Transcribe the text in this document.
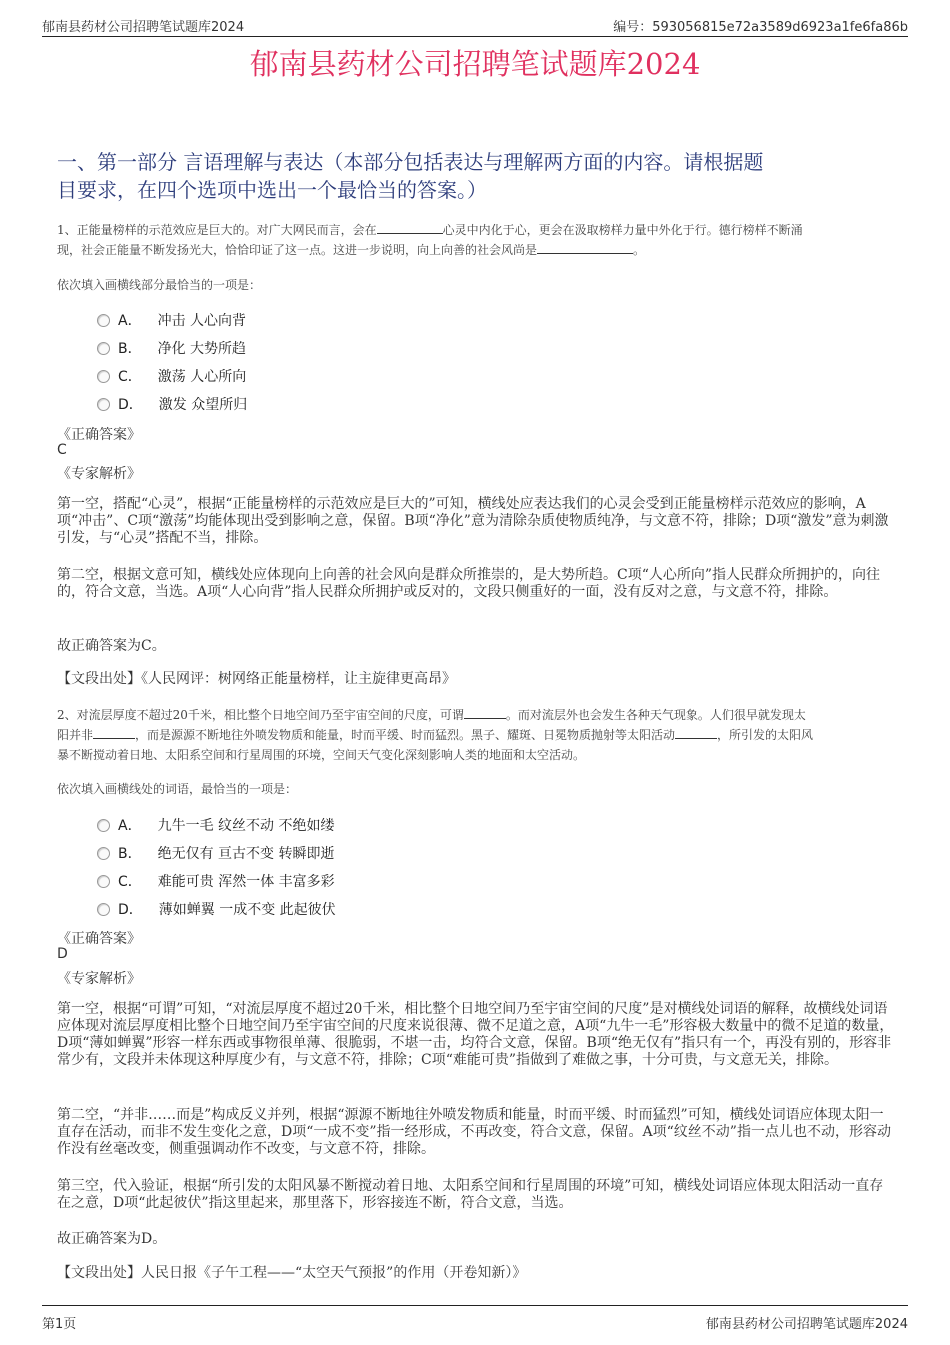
郁南县药材公司招聘笔试题库2024	编号：593056815e72a3589d6923a1fe6fa86b
郁南县药材公司招聘笔试题库2024
一、第一部分 言语理解与表达（本部分包括表达与理解两方面的内容。请根据题
目要求，在四个选项中选出一个最恰当的答案。）
1、正能量榜样的示范效应是巨大的。对广大网民而言，会在	心灵中内化于心，更会在汲取榜样力量中外化于行。德行榜样不断涌
现，社会正能量不断发扬光大，恰恰印证了这一点。这进一步说明，向上向善的社会风尚是	。
依次填入画横线部分最恰当的一项是：
A． 冲击 人心向背
B． 净化 大势所趋
C． 激荡 人心所向
D． 激发 众望所归
《正确答案》
C
《专家解析》
第一空，搭配“心灵”，根据“正能量榜样的示范效应是巨大的”可知，横线处应表达我们的心灵会受到正能量榜样示范效应的影响，A项“冲击”、C项“激荡”均能体现出受到影响之意，保留。B项“净化”意为清除杂质使物质纯净，与文意不符，排除；D项“激发”意为刺激引发，与“心灵”搭配不当，排除。
第二空，根据文意可知，横线处应体现向上向善的社会风向是群众所推崇的，是大势所趋。C项“人心所向”指人民群众所拥护的，向往的，符合文意，当选。A项“人心向背”指人民群众所拥护或反对的，文段只侧重好的一面，没有反对之意，与文意不符，排除。
故正确答案为C。
【文段出处】《人民网评：树网络正能量榜样，让主旋律更高昂》
2、对流层厚度不超过20千米，相比整个日地空间乃至宇宙空间的尺度，可谓	。而对流层外也会发生各种天气现象。人们很早就发现太
阳并非	，而是源源不断地往外喷发物质和能量，时而平缓、时而猛烈。黑子、耀斑、日冕物质抛射等太阳活动	，所引发的太阳风
暴不断搅动着日地、太阳系空间和行星周围的环境，空间天气变化深刻影响人类的地面和太空活动。
依次填入画横线处的词语，最恰当的一项是：
A． 九牛一毛 纹丝不动 不绝如缕
B． 绝无仅有 亘古不变 转瞬即逝
C． 难能可贵 浑然一体 丰富多彩
D． 薄如蝉翼 一成不变 此起彼伏
《正确答案》
D
《专家解析》
第一空，根据“可谓”可知，“对流层厚度不超过20千米，相比整个日地空间乃至宇宙空间的尺度”是对横线处词语的解释，故横线处词语应体现对流层厚度相比整个日地空间乃至宇宙空间的尺度来说很薄、微不足道之意，A项“九牛一毛”形容极大数量中的微不足道的数量，D项“薄如蝉翼”形容一样东西或事物很单薄、很脆弱，不堪一击，均符合文意，保留。B项“绝无仅有”指只有一个，再没有别的，形容非常少有，文段并未体现这种厚度少有，与文意不符，排除；C项“难能可贵”指做到了难做之事，十分可贵，与文意无关，排除。
第二空，“并非……而是”构成反义并列，根据“源源不断地往外喷发物质和能量，时而平缓、时而猛烈”可知，横线处词语应体现太阳一直存在活动，而非不发生变化之意，D项“一成不变”指一经形成，不再改变，符合文意，保留。A项“纹丝不动”指一点儿也不动，形容动作没有丝毫改变，侧重强调动作不改变，与文意不符，排除。
第三空，代入验证，根据“所引发的太阳风暴不断搅动着日地、太阳系空间和行星周围的环境”可知，横线处词语应体现太阳活动一直存在之意，D项“此起彼伏”指这里起来，那里落下，形容接连不断，符合文意，当选。
故正确答案为D。
【文段出处】人民日报《子午工程——“太空天气预报”的作用（开卷知新）》
第1页	郁南县药材公司招聘笔试题库2024
